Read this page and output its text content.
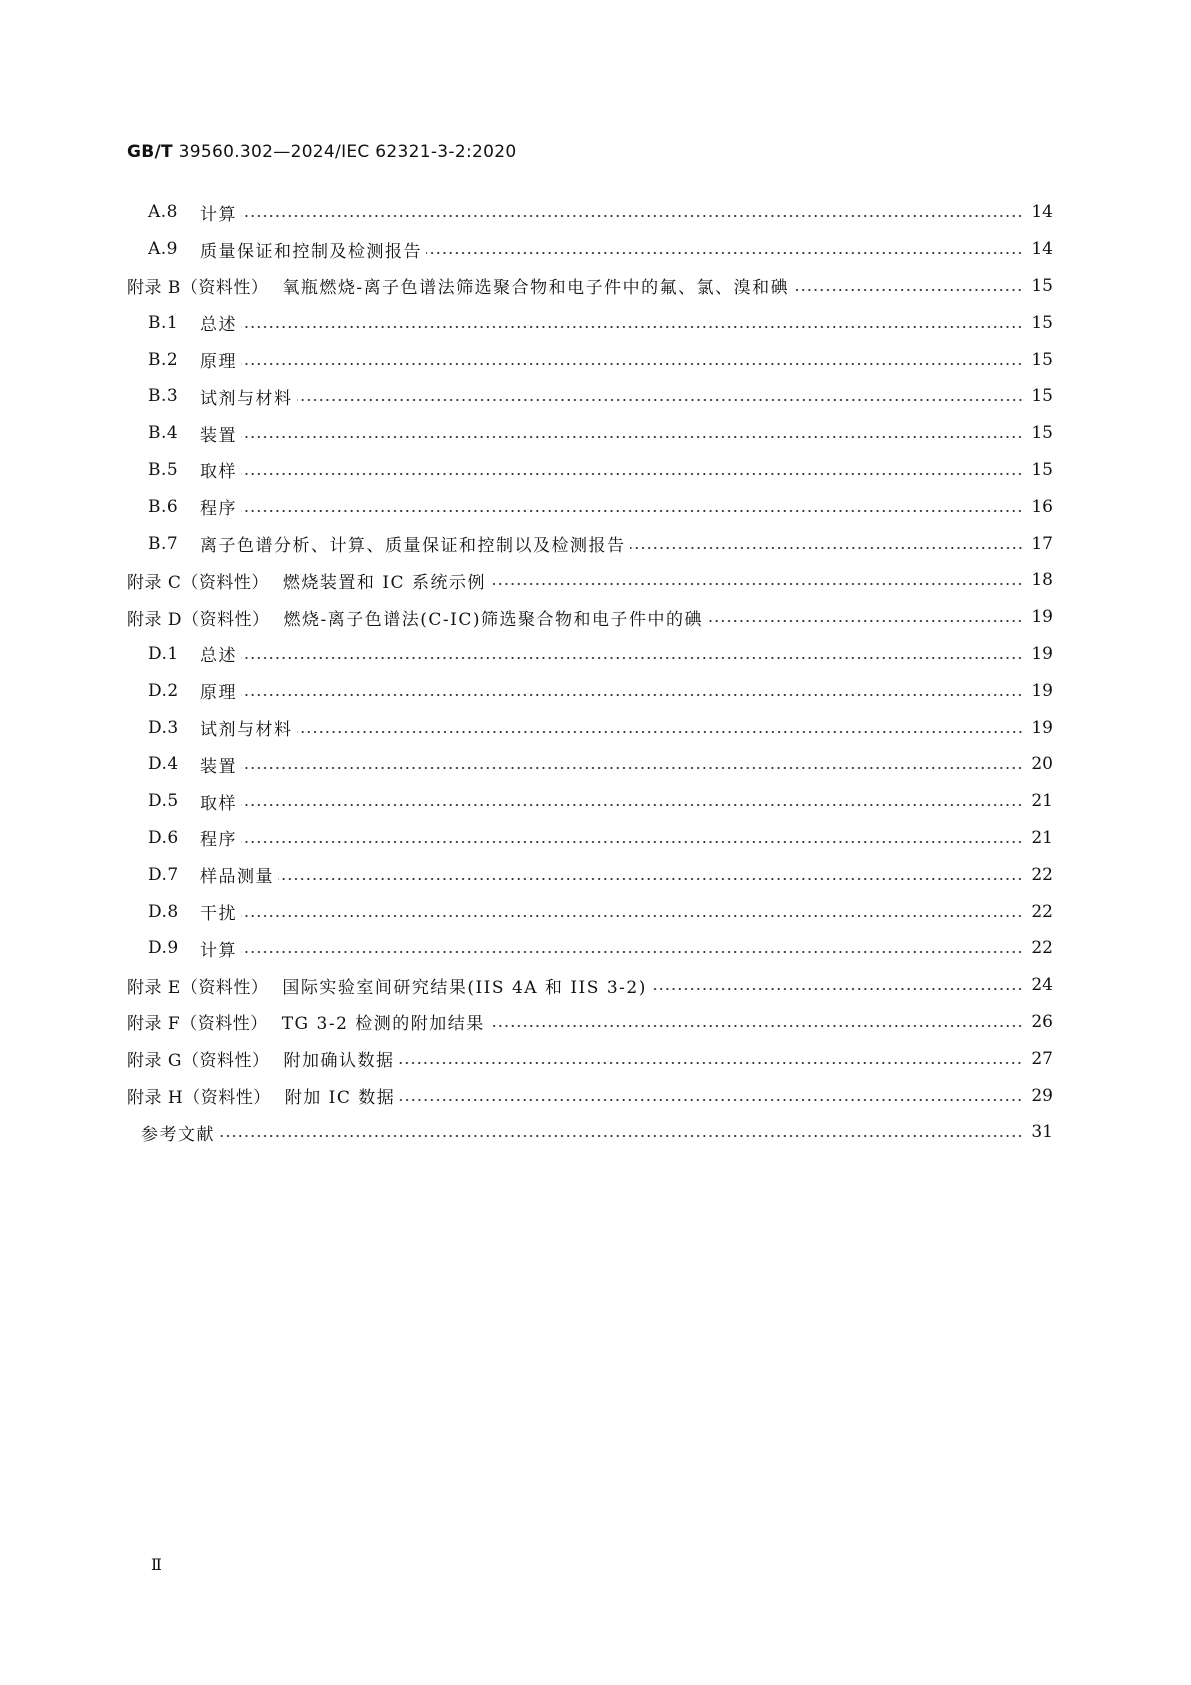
GB/T 39560.302—2024/IEC 62321-3-2:2020
A.8	计算	14
A.9	质量保证和控制及检测报告	14
附录 B（资料性） 氧瓶燃烧-离子色谱法筛选聚合物和电子件中的氟、氯、溴和碘	15
B.1	总述	15
B.2	原理	15
B.3	试剂与材料	15
B.4	装置	15
B.5	取样	15
B.6	程序	16
B.7	离子色谱分析、计算、质量保证和控制以及检测报告	17
附录 C（资料性） 燃烧装置和 IC 系统示例	18
附录 D（资料性） 燃烧-离子色谱法(C-IC)筛选聚合物和电子件中的碘	19
D.1	总述	19
D.2	原理	19
D.3	试剂与材料	19
D.4	装置	20
D.5	取样	21
D.6	程序	21
D.7	样品测量	22
D.8	干扰	22
D.9	计算	22
附录 E（资料性） 国际实验室间研究结果(IIS 4A 和 IIS 3-2)	24
附录 F（资料性） TG 3-2 检测的附加结果	26
附录 G（资料性） 附加确认数据	27
附录 H（资料性） 附加 IC 数据	29
参考文献	31
Ⅱ
